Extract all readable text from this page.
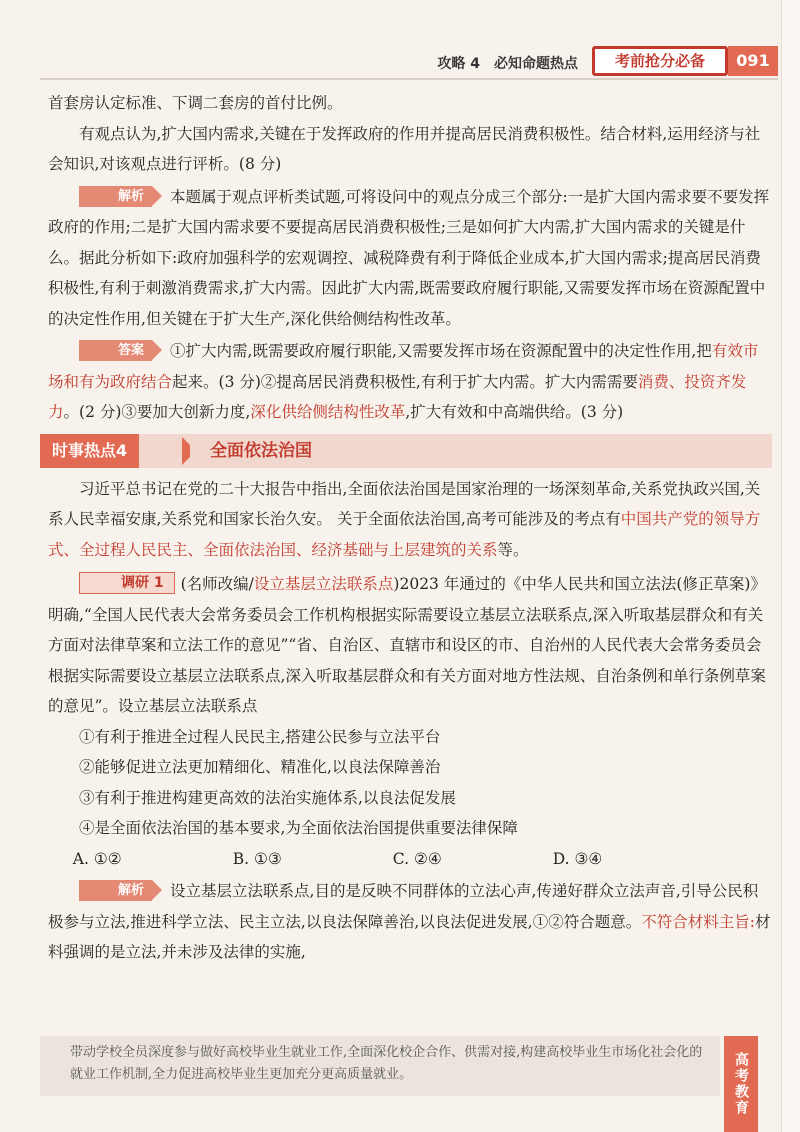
攻略 4　必知命题热点	考前抢分必备	091

首套房认定标准、下调二套房的首付比例。

有观点认为,扩大国内需求,关键在于发挥政府的作用并提高居民消费积极性。结合材料,运用经济与社会知识,对该观点进行评析。(8 分)

解析 本题属于观点评析类试题,可将设问中的观点分成三个部分:一是扩大国内需求要不要发挥政府的作用;二是扩大国内需求要不要提高居民消费积极性;三是如何扩大内需,扩大国内需求的关键是什么。据此分析如下:政府加强科学的宏观调控、减税降费有利于降低企业成本,扩大国内需求;提高居民消费积极性,有利于刺激消费需求,扩大内需。因此扩大内需,既需要政府履行职能,又需要发挥市场在资源配置中的决定性作用,但关键在于扩大生产,深化供给侧结构性改革。

答案 ①扩大内需,既需要政府履行职能,又需要发挥市场在资源配置中的决定性作用,把有效市场和有为政府结合起来。(3 分)②提高居民消费积极性,有利于扩大内需。扩大内需需要消费、投资齐发力。(2 分)③要加大创新力度,深化供给侧结构性改革,扩大有效和中高端供给。(3 分)

时事热点4	全面依法治国

习近平总书记在党的二十大报告中指出,全面依法治国是国家治理的一场深刻革命,关系党执政兴国,关系人民幸福安康,关系党和国家长治久安。 关于全面依法治国,高考可能涉及的考点有中国共产党的领导方式、全过程人民民主、全面依法治国、经济基础与上层建筑的关系等。

调研 1 (名师改编/设立基层立法联系点)2023 年通过的《中华人民共和国立法法(修正草案)》明确,“全国人民代表大会常务委员会工作机构根据实际需要设立基层立法联系点,深入听取基层群众和有关方面对法律草案和立法工作的意见”“省、自治区、直辖市和设区的市、自治州的人民代表大会常务委员会根据实际需要设立基层立法联系点,深入听取基层群众和有关方面对地方性法规、自治条例和单行条例草案的意见”。设立基层立法联系点

①有利于推进全过程人民民主,搭建公民参与立法平台

②能够促进立法更加精细化、精准化,以良法保障善治

③有利于推进构建更高效的法治实施体系,以良法促发展

④是全面依法治国的基本要求,为全面依法治国提供重要法律保障

A. ①②	B. ①③	C. ②④	D. ③④

解析 设立基层立法联系点,目的是反映不同群体的立法心声,传递好群众立法声音,引导公民积极参与立法,推进科学立法、民主立法,以良法保障善治,以良法促进发展,①②符合题意。不符合材料主旨:材料强调的是立法,并未涉及法律的实施,

带动学校全员深度参与做好高校毕业生就业工作,全面深化校企合作、供需对接,构建高校毕业生市场化社会化的就业工作机制,全力促进高校毕业生更加充分更高质量就业。	高考教育
